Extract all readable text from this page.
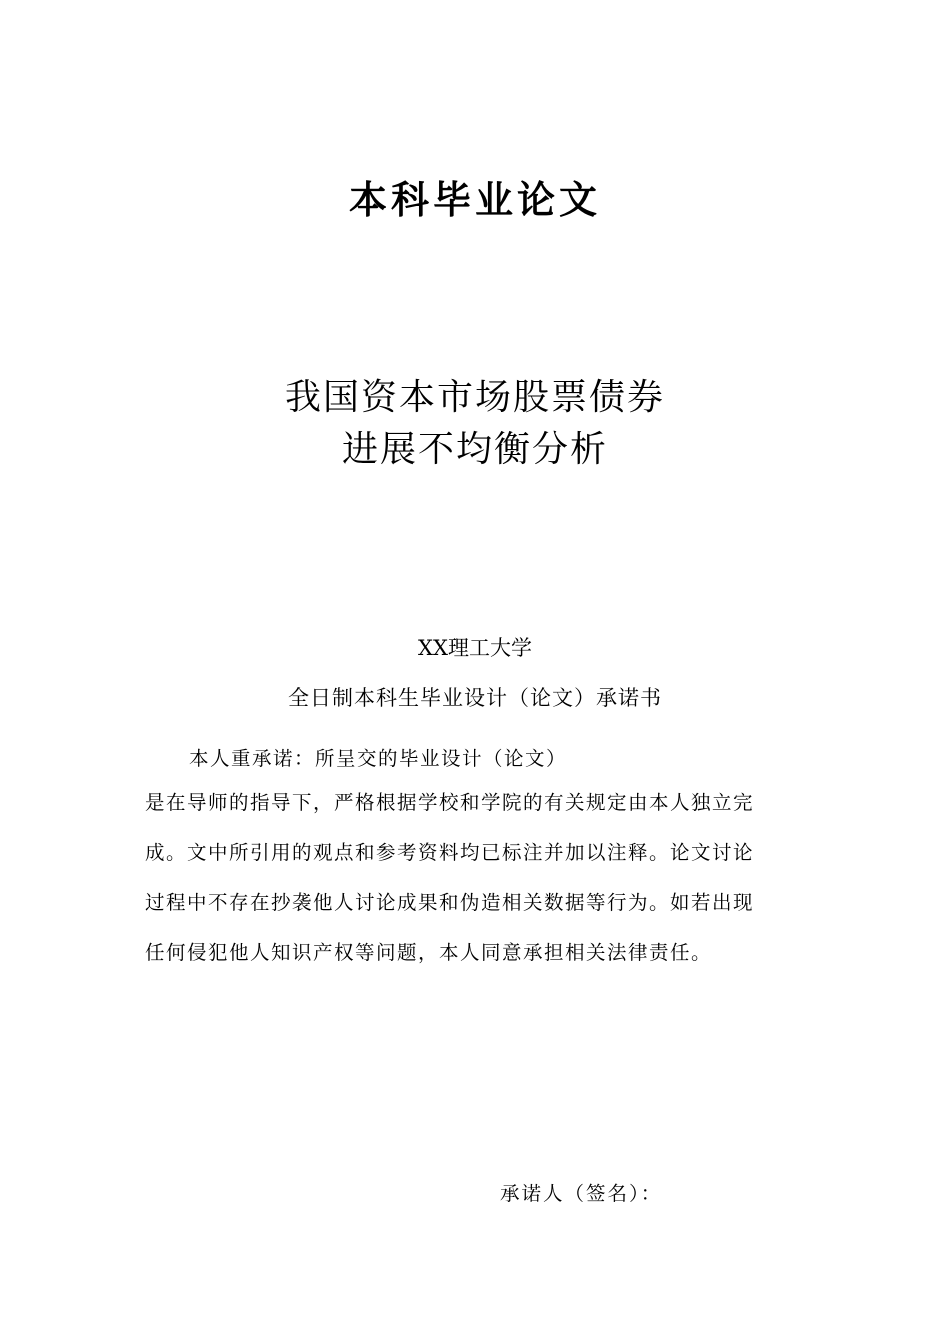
本科毕业论文
我国资本市场股票债券
进展不均衡分析
XX理工大学
全日制本科生毕业设计（论文）承诺书
本人重承诺：所呈交的毕业设计（论文）
是在导师的指导下，严格根据学校和学院的有关规定由本人独立完
成。文中所引用的观点和参考资料均已标注并加以注释。论文讨论
过程中不存在抄袭他人讨论成果和伪造相关数据等行为。如若出现
任何侵犯他人知识产权等问题，本人同意承担相关法律责任。
承诺人（签名）：
